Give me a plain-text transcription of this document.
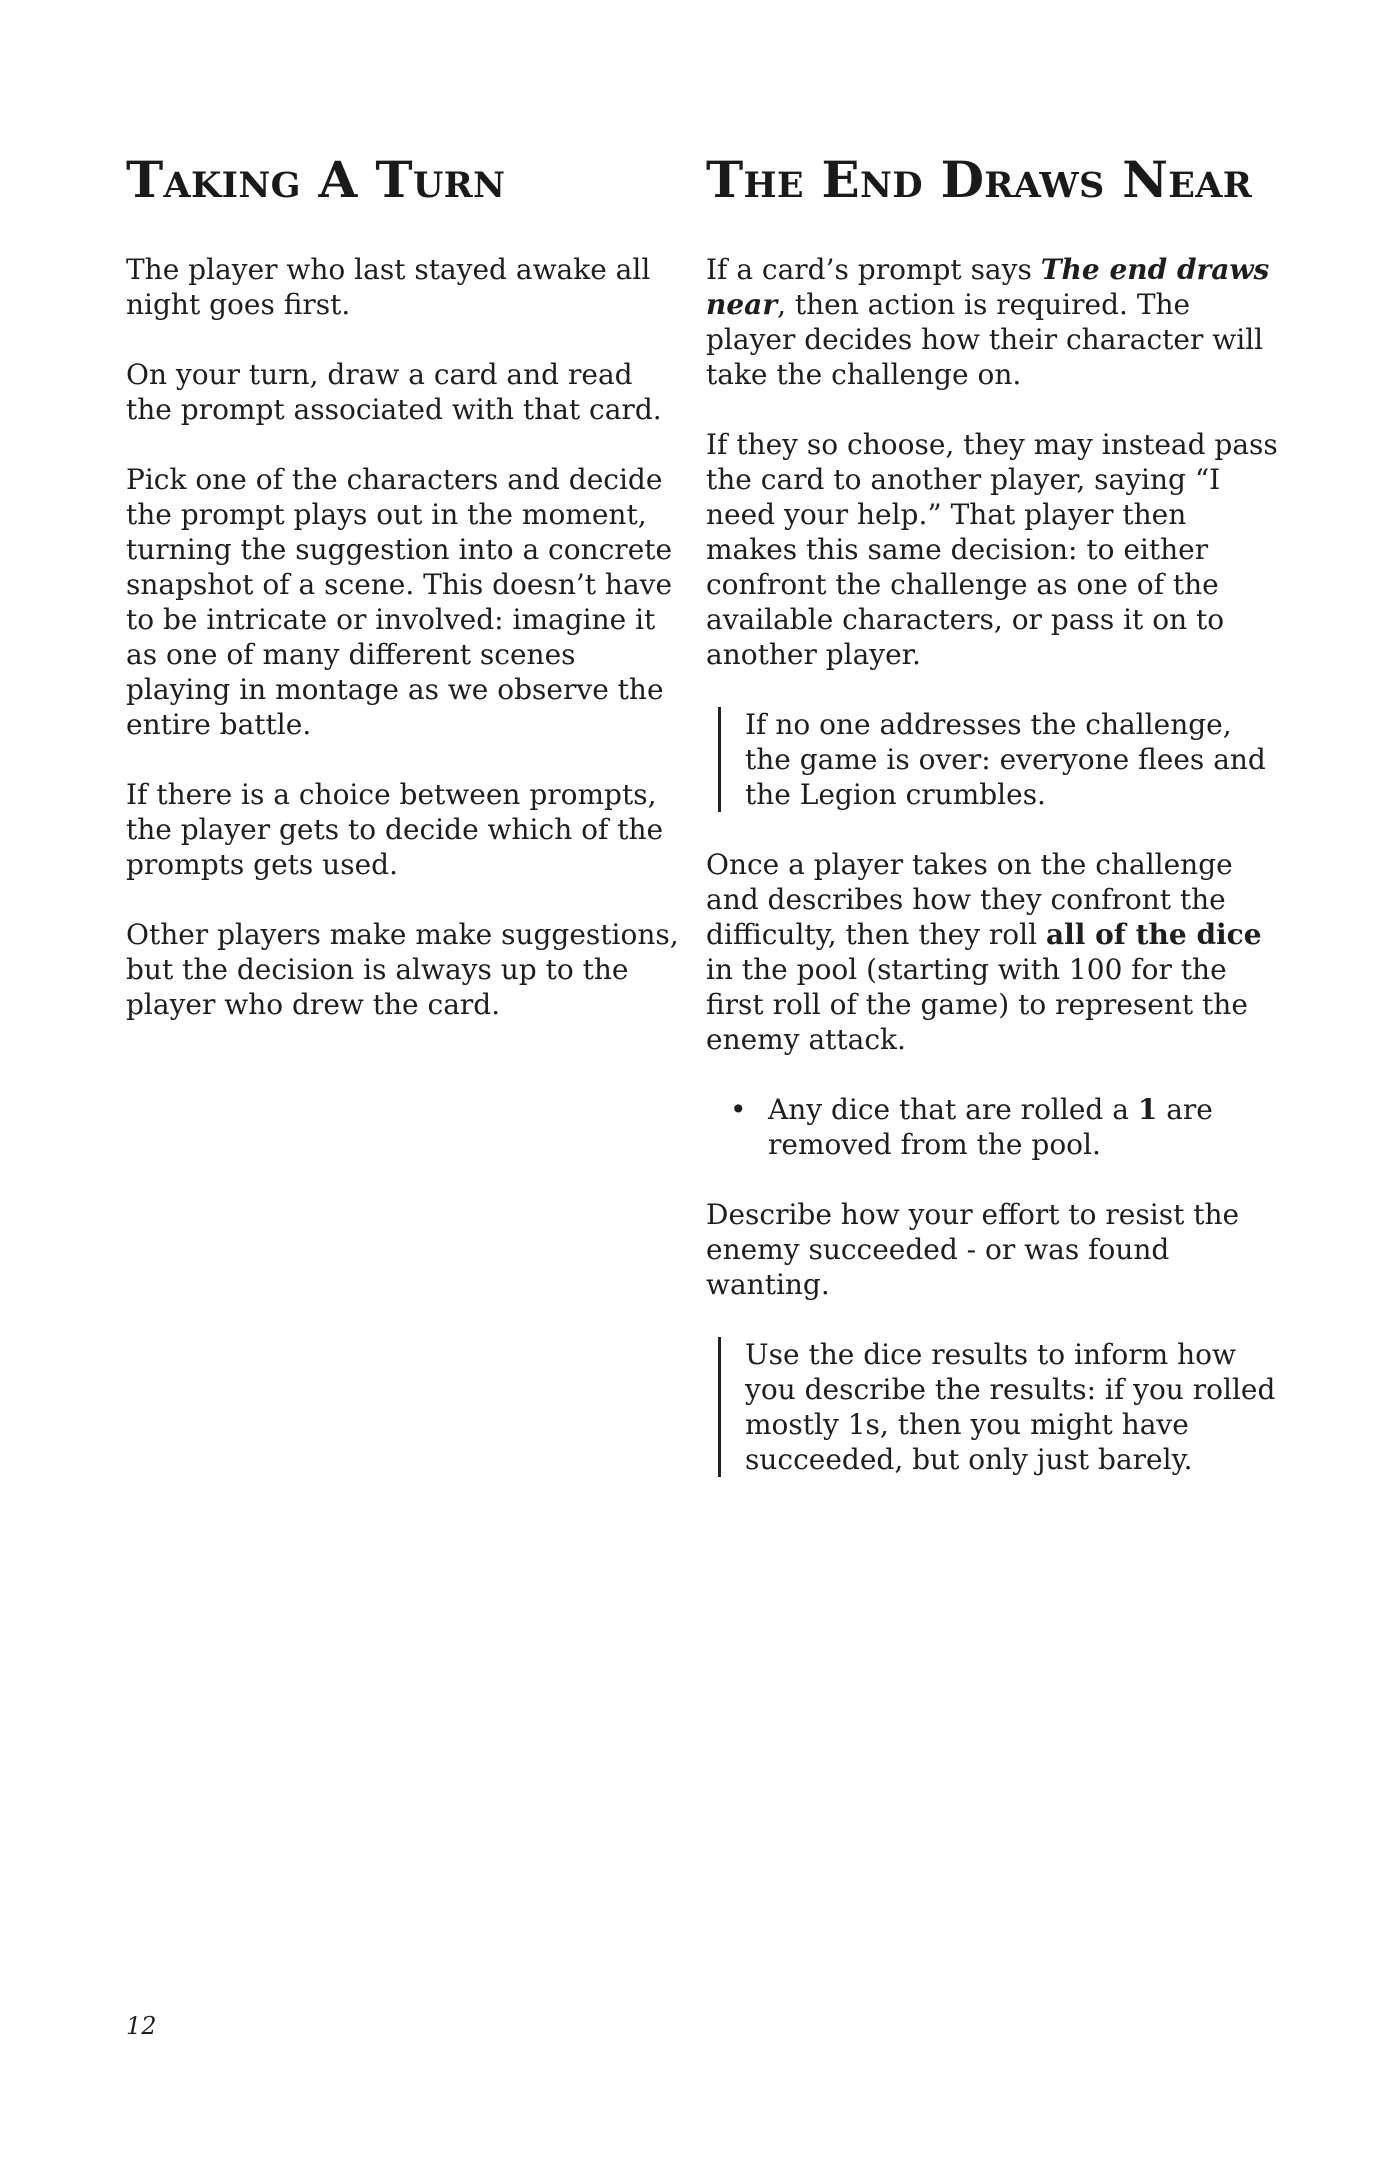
Taking A Turn

The player who last stayed awake all night goes first.

On your turn, draw a card and read the prompt associated with that card.

Pick one of the characters and decide the prompt plays out in the moment, turning the suggestion into a concrete snapshot of a scene. This doesn’t have to be intricate or involved: imagine it as one of many different scenes playing in montage as we observe the entire battle.

If there is a choice between prompts, the player gets to decide which of the prompts gets used.

Other players make make suggestions, but the decision is always up to the player who drew the card.

The End Draws Near

If a card’s prompt says The end draws near, then action is required. The player decides how their character will take the challenge on.

If they so choose, they may instead pass the card to another player, saying “I need your help.” That player then makes this same decision: to either confront the challenge as one of the available characters, or pass it on to another player.

If no one addresses the challenge, the game is over: everyone flees and the Legion crumbles.

Once a player takes on the challenge and describes how they confront the difficulty, then they roll all of the dice in the pool (starting with 100 for the first roll of the game) to represent the enemy attack.

• Any dice that are rolled a 1 are removed from the pool.

Describe how your effort to resist the enemy succeeded - or was found wanting.

Use the dice results to inform how you describe the results: if you rolled mostly 1s, then you might have succeeded, but only just barely.
12
